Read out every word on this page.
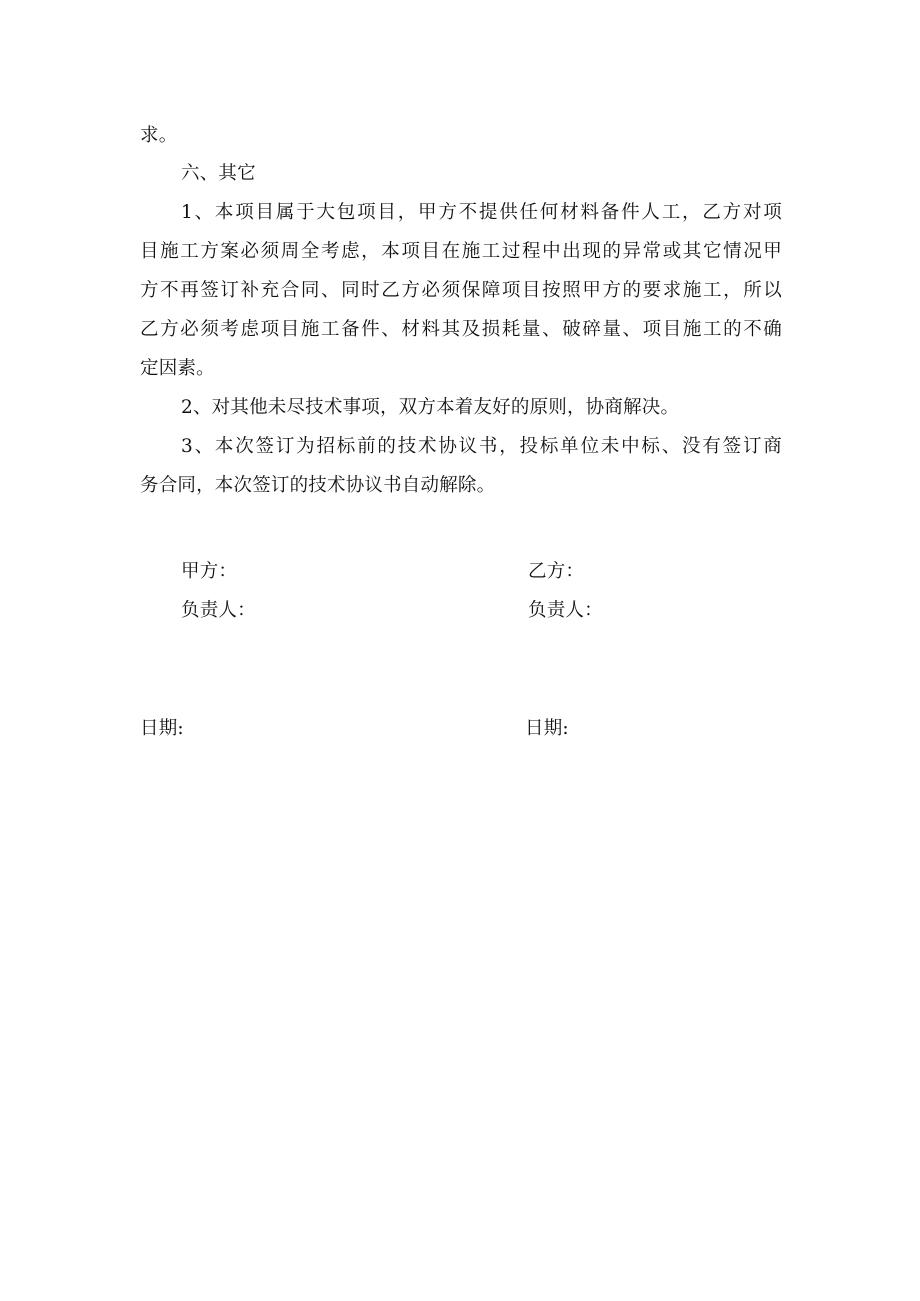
求。
六、其它
1、本项目属于大包项目，甲方不提供任何材料备件人工，乙方对项
目施工方案必须周全考虑，本项目在施工过程中出现的异常或其它情况甲
方不再签订补充合同、同时乙方必须保障项目按照甲方的要求施工，所以
乙方必须考虑项目施工备件、材料其及损耗量、破碎量、项目施工的不确
定因素。
2、对其他未尽技术事项，双方本着友好的原则，协商解决。
3、本次签订为招标前的技术协议书，投标单位未中标、没有签订商
务合同，本次签订的技术协议书自动解除。
甲方：	乙方：
负责人：	负责人：
日期:	日期:
